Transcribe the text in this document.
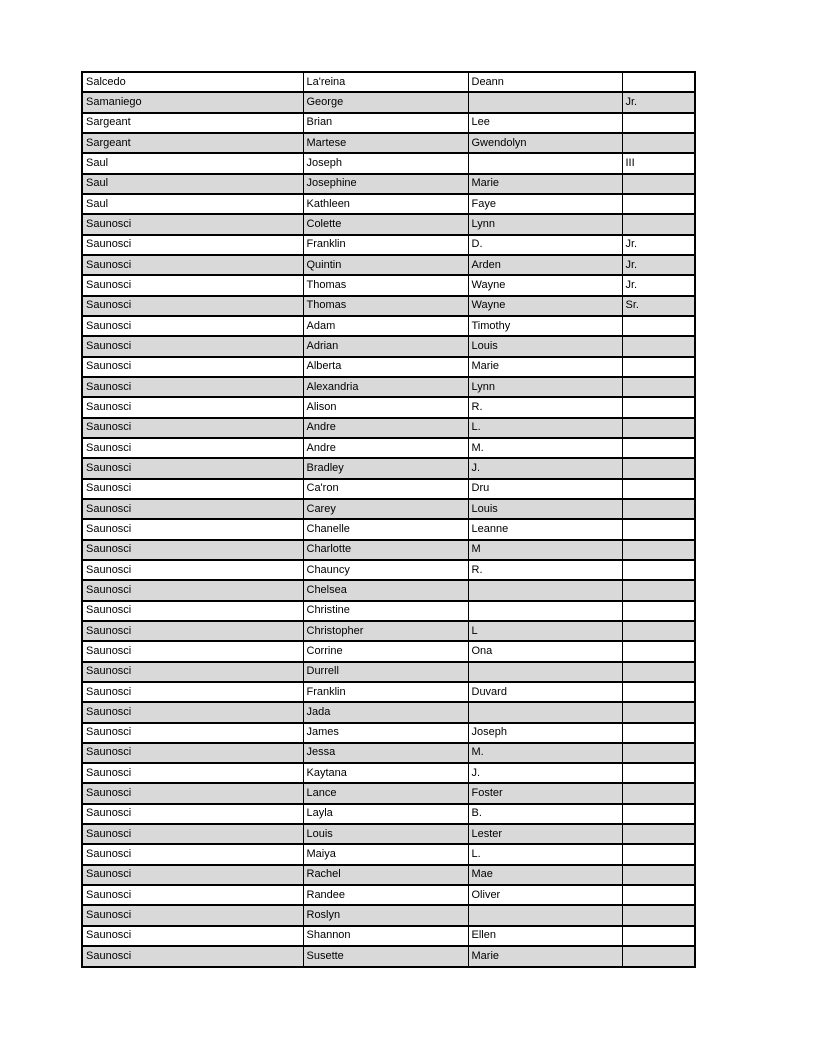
Salcedo	La'reina	Deann	
Samaniego	George		Jr.
Sargeant	Brian	Lee	
Sargeant	Martese	Gwendolyn	
Saul	Joseph		III
Saul	Josephine	Marie	
Saul	Kathleen	Faye	
Saunosci	Colette	Lynn	
Saunosci	Franklin	D.	Jr.
Saunosci	Quintin	Arden	Jr.
Saunosci	Thomas	Wayne	Jr.
Saunosci	Thomas	Wayne	Sr.
Saunosci	Adam	Timothy	
Saunosci	Adrian	Louis	
Saunosci	Alberta	Marie	
Saunosci	Alexandria	Lynn	
Saunosci	Alison	R.	
Saunosci	Andre	L.	
Saunosci	Andre	M.	
Saunosci	Bradley	J.	
Saunosci	Ca'ron	Dru	
Saunosci	Carey	Louis	
Saunosci	Chanelle	Leanne	
Saunosci	Charlotte	M	
Saunosci	Chauncy	R.	
Saunosci	Chelsea		
Saunosci	Christine		
Saunosci	Christopher	L	
Saunosci	Corrine	Ona	
Saunosci	Durrell		
Saunosci	Franklin	Duvard	
Saunosci	Jada		
Saunosci	James	Joseph	
Saunosci	Jessa	M.	
Saunosci	Kaytana	J.	
Saunosci	Lance	Foster	
Saunosci	Layla	B.	
Saunosci	Louis	Lester	
Saunosci	Maiya	L.	
Saunosci	Rachel	Mae	
Saunosci	Randee	Oliver	
Saunosci	Roslyn		
Saunosci	Shannon	Ellen	
Saunosci	Susette	Marie	
